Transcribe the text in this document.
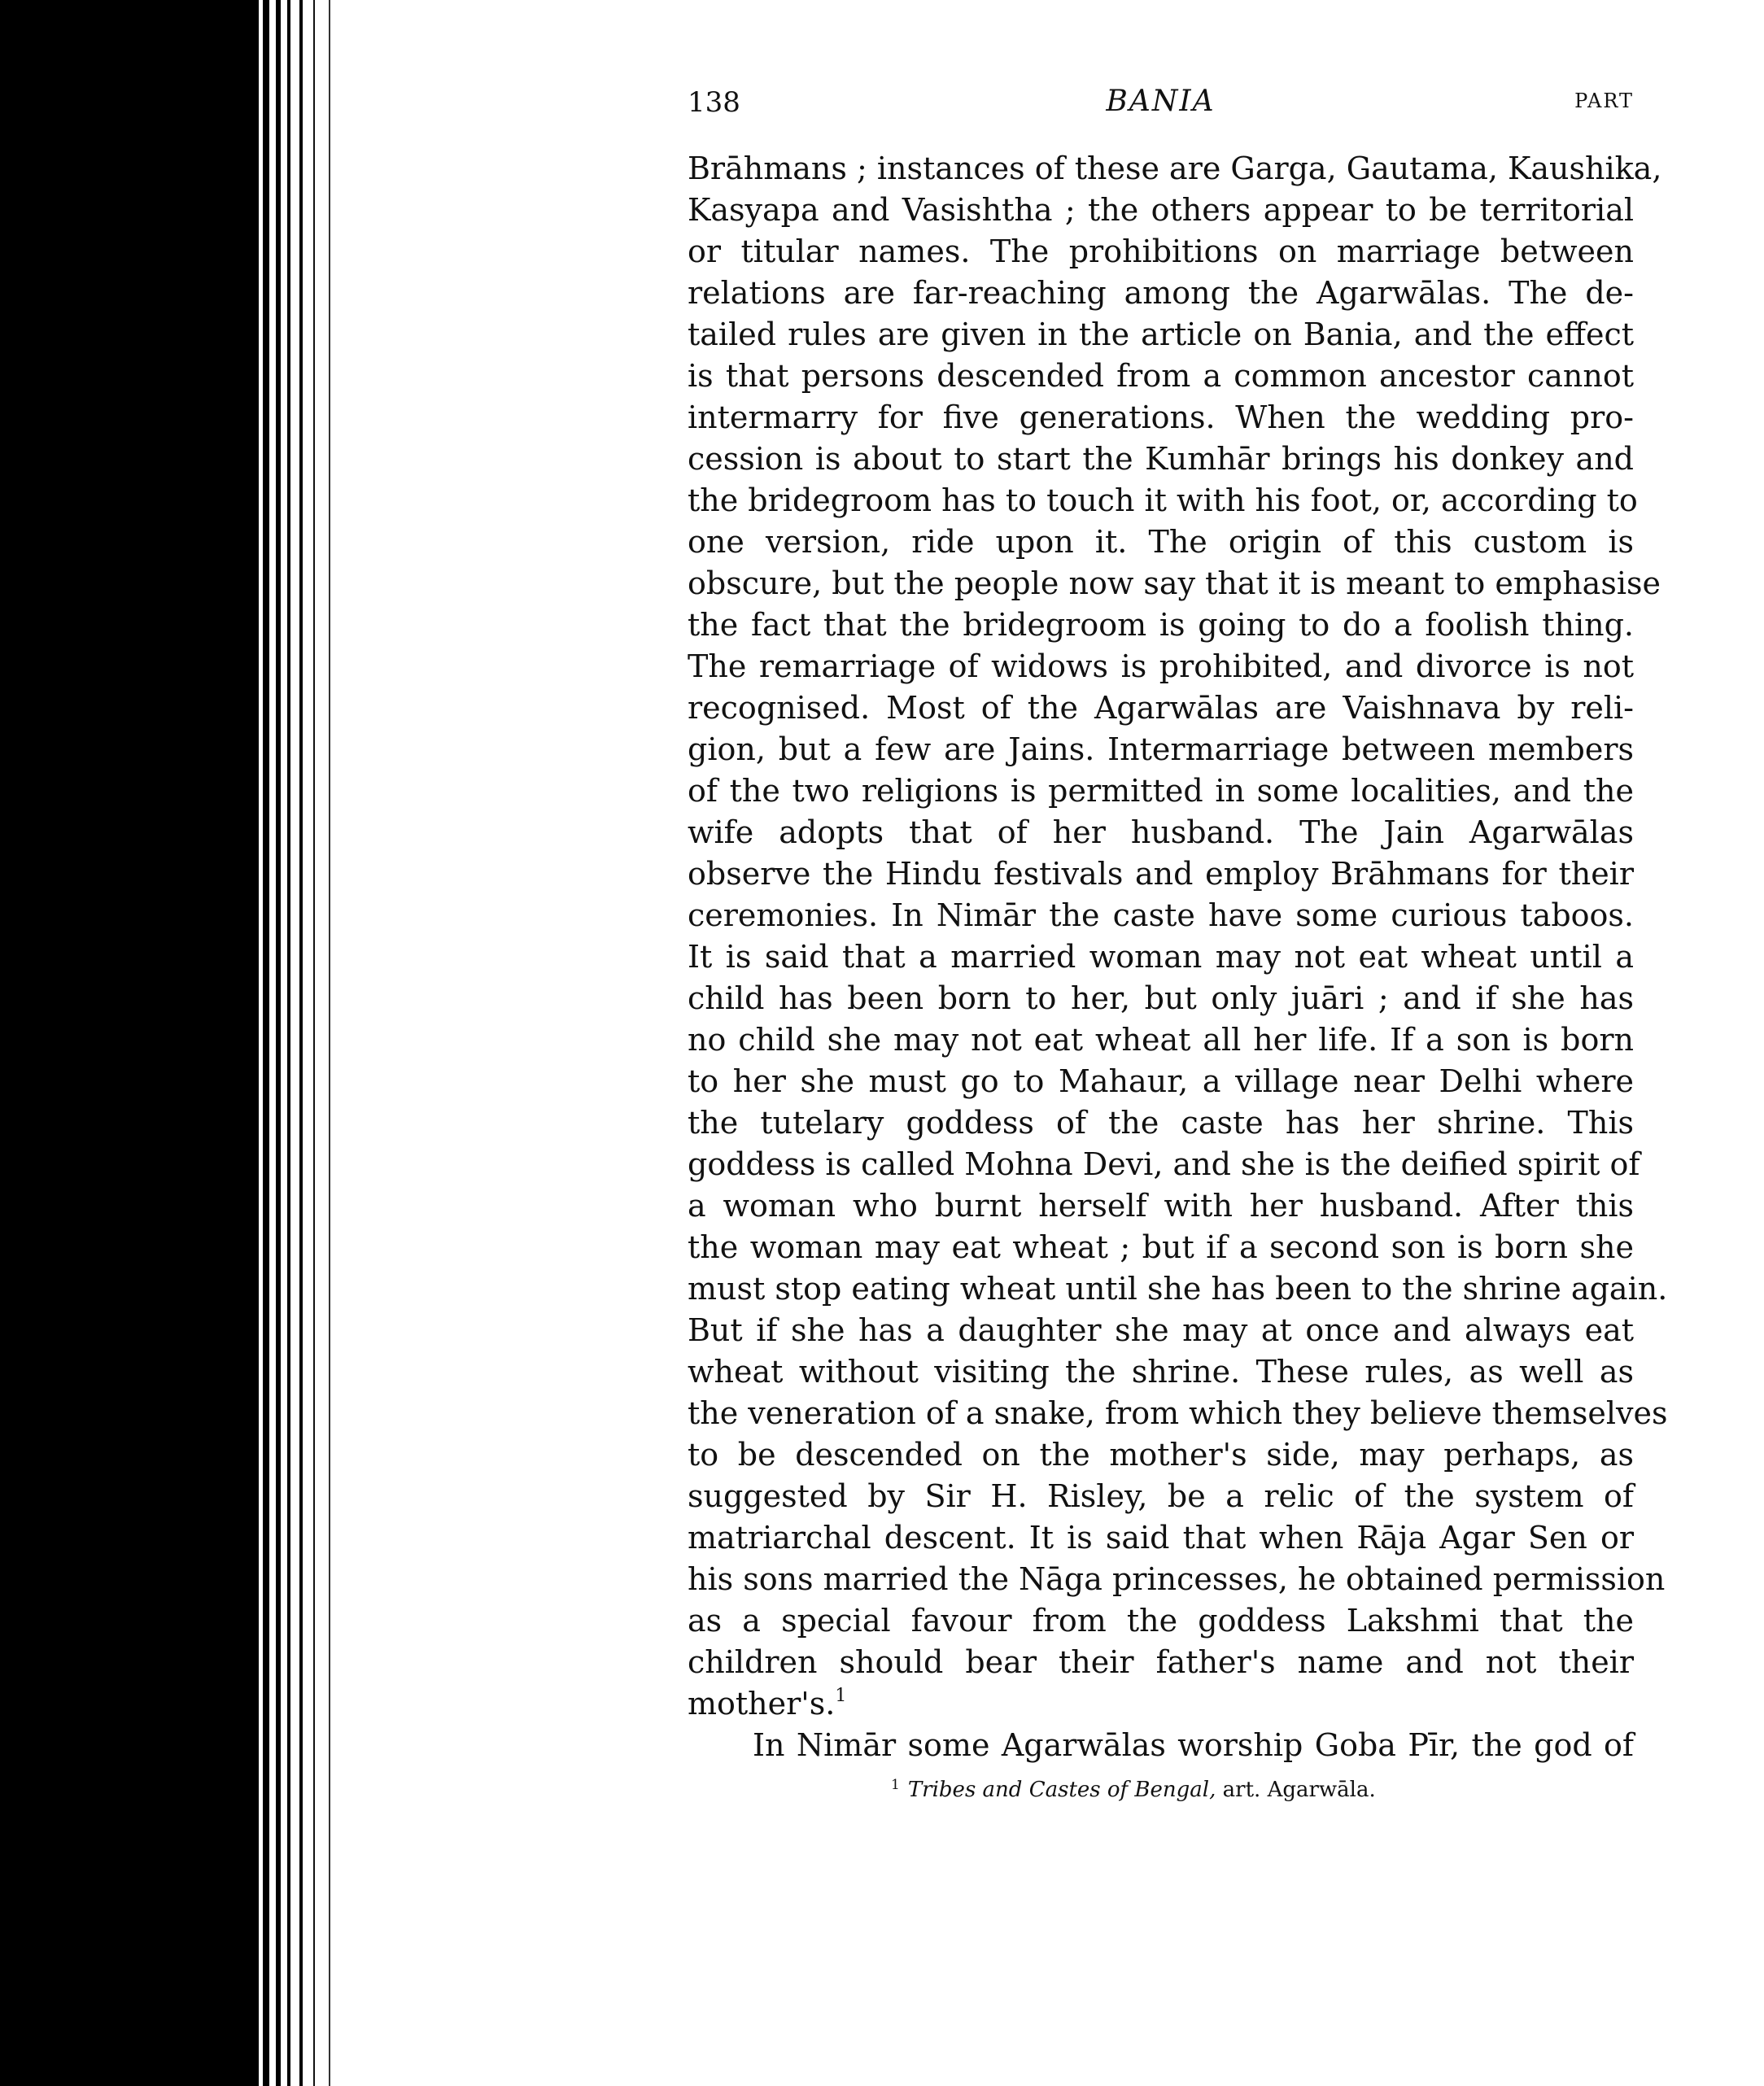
138	BANIA	PART
Brāhmans ; instances of these are Garga, Gautama, Kaushika,
Kasyapa and Vasishtha ; the others appear to be territorial
or titular names. The prohibitions on marriage between
relations are far-reaching among the Agarwālas. The de-
tailed rules are given in the article on Bania, and the effect
is that persons descended from a common ancestor cannot
intermarry for five generations. When the wedding pro-
cession is about to start the Kumhār brings his donkey and
the bridegroom has to touch it with his foot, or, according to
one version, ride upon it. The origin of this custom is
obscure, but the people now say that it is meant to emphasise
the fact that the bridegroom is going to do a foolish thing.
The remarriage of widows is prohibited, and divorce is not
recognised. Most of the Agarwālas are Vaishnava by reli-
gion, but a few are Jains. Intermarriage between members
of the two religions is permitted in some localities, and the
wife adopts that of her husband. The Jain Agarwālas
observe the Hindu festivals and employ Brāhmans for their
ceremonies. In Nimār the caste have some curious taboos.
It is said that a married woman may not eat wheat until a
child has been born to her, but only juāri ; and if she has
no child she may not eat wheat all her life. If a son is born
to her she must go to Mahaur, a village near Delhi where
the tutelary goddess of the caste has her shrine. This
goddess is called Mohna Devi, and she is the deified spirit of
a woman who burnt herself with her husband. After this
the woman may eat wheat ; but if a second son is born she
must stop eating wheat until she has been to the shrine again.
But if she has a daughter she may at once and always eat
wheat without visiting the shrine. These rules, as well as
the veneration of a snake, from which they believe themselves
to be descended on the mother's side, may perhaps, as
suggested by Sir H. Risley, be a relic of the system of
matriarchal descent. It is said that when Rāja Agar Sen or
his sons married the Nāga princesses, he obtained permission
as a special favour from the goddess Lakshmi that the
children should bear their father's name and not their
mother's.$^1$
In Nimār some Agarwālas worship Goba Pīr, the god of
$^1$ Tribes and Castes of Bengal, art. Agarwāla.
